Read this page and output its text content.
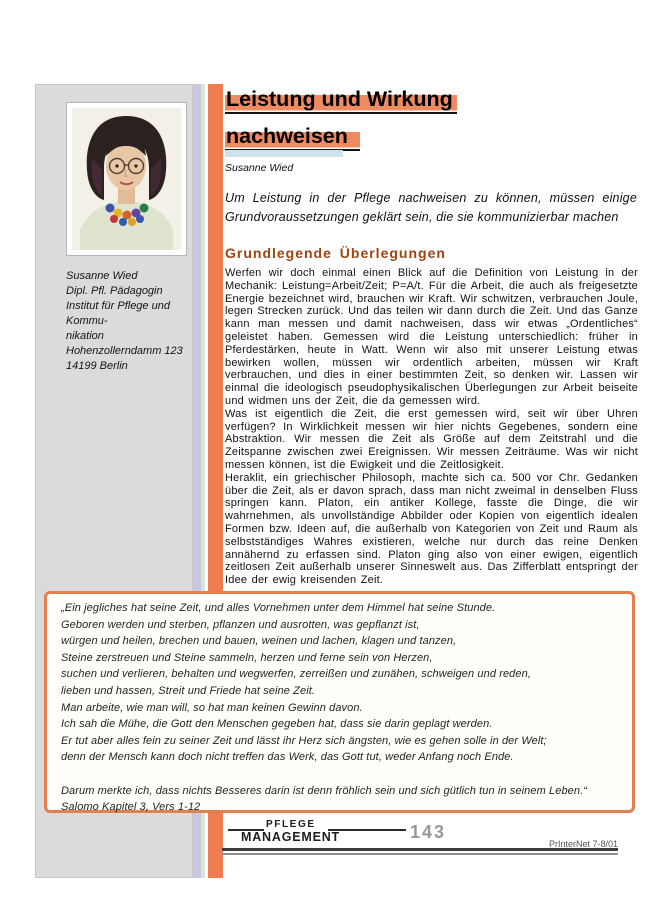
Susanne Wied
Dipl. Pfl. Pädagogin
Institut für Pflege und Kommu-
nikation
Hohenzollerndamm 123
14199 Berlin
Leistung und Wirkung
nachweisen
Susanne Wied
Um Leistung in der Pflege nachweisen zu können, müssen einige Grundvoraussetzungen geklärt sein, die sie kommunizierbar machen
Grundlegende Überlegungen

Werfen wir doch einmal einen Blick auf die Definition von Leistung in der Mechanik: Leistung=Arbeit/Zeit; P=A/t. Für die Arbeit, die auch als freigesetzte Energie bezeichnet wird, brauchen wir Kraft. Wir schwitzen, verbrauchen Joule, legen Strecken zurück. Und das teilen wir dann durch die Zeit. Und das Ganze kann man messen und damit nachweisen, dass wir etwas „Ordentliches“ geleistet haben. Gemessen wird die Leistung unterschiedlich: früher in Pferdestärken, heute in Watt. Wenn wir also mit unserer Leistung etwas bewirken wollen, müssen wir ordentlich arbeiten, müssen wir Kraft verbrauchen, und dies in einer bestimmten Zeit, so denken wir. Lassen wir einmal die ideologisch pseudophysikalischen Überlegungen zur Arbeit beiseite und widmen uns der Zeit, die da gemessen wird.

Was ist eigentlich die Zeit, die erst gemessen wird, seit wir über Uhren verfügen? In Wirklichkeit messen wir hier nichts Gegebenes, sondern eine Abstraktion. Wir messen die Zeit als Größe auf dem Zeitstrahl und die Zeitspanne zwischen zwei Ereignissen. Wir messen Zeiträume. Was wir nicht messen können, ist die Ewigkeit und die Zeitlosigkeit.

Heraklit, ein griechischer Philosoph, machte sich ca. 500 vor Chr. Gedanken über die Zeit, als er davon sprach, dass man nicht zweimal in denselben Fluss springen kann. Platon, ein antiker Kollege, fasste die Dinge, die wir wahrnehmen, als unvollständige Abbilder oder Kopien von eigentlich idealen Formen bzw. Ideen auf, die außerhalb von Kategorien von Zeit und Raum als selbstständiges Wahres existieren, welche nur durch das reine Denken annähernd zu erfassen sind. Platon ging also von einer ewigen, eigentlich zeitlosen Zeit außerhalb unserer Sinneswelt aus. Das Zifferblatt entspringt der Idee der ewig kreisenden Zeit.

„Ein jegliches hat seine Zeit, und alles Vornehmen unter dem Himmel hat seine Stunde.
Geboren werden und sterben, pflanzen und ausrotten, was gepflanzt ist,
würgen und heilen, brechen und bauen, weinen und lachen, klagen und tanzen,
Steine zerstreuen und Steine sammeln, herzen und ferne sein von Herzen,
suchen und verlieren, behalten und wegwerfen, zerreißen und zunähen, schweigen und reden,
lieben und hassen, Streit und Friede hat seine Zeit.
Man arbeite, wie man will, so hat man keinen Gewinn davon.
Ich sah die Mühe, die Gott den Menschen gegeben hat, dass sie darin geplagt werden.
Er tut aber alles fein zu seiner Zeit und lässt ihr Herz sich ängsten, wie es gehen solle in der Welt;
denn der Mensch kann doch nicht treffen das Werk, das Gott tut, weder Anfang noch Ende.
Darum merkte ich, dass nichts Besseres darin ist denn fröhlich sein und sich gütlich tun in seinem Leben.“
Salomo Kapitel 3, Vers 1-12
PFLEGE
MANAGEMENT	143
PrInterNet 7-8/01
